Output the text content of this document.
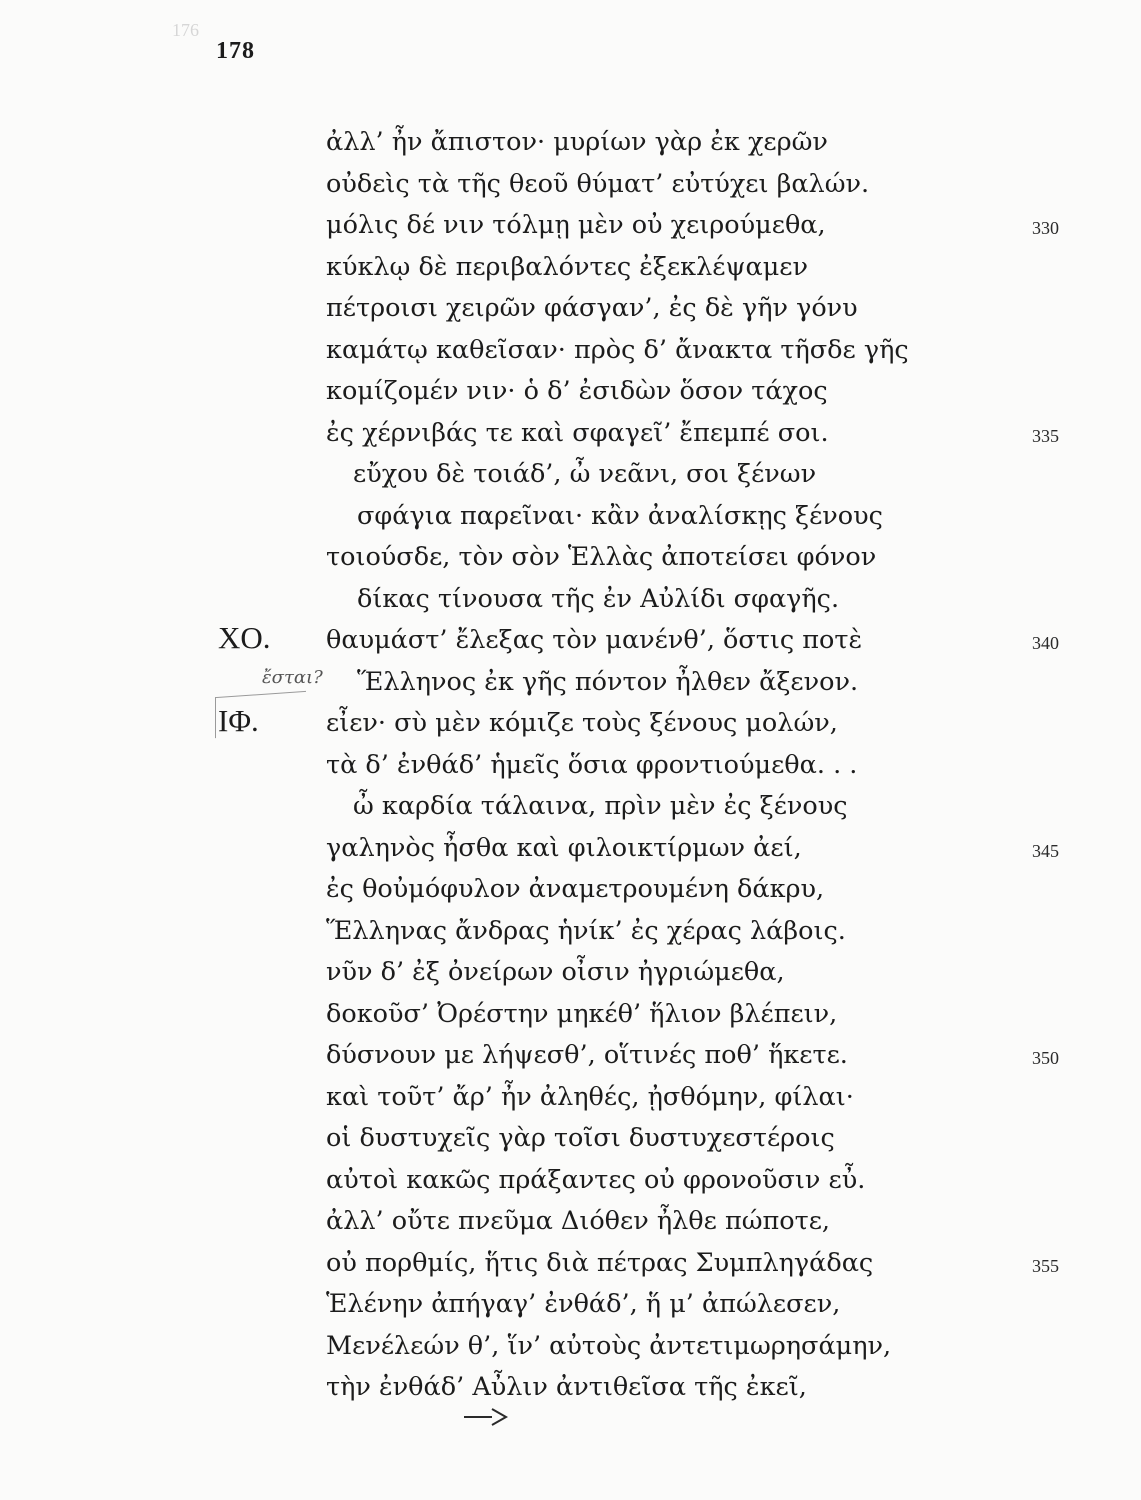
176
178
ἀλλ’ ἦν ἄπιστον· μυρίων γὰρ ἐκ χερῶν
οὐδεὶς τὰ τῆς θεοῦ θύματ’ εὐτύχει βαλών.
μόλις δέ νιν τόλμῃ μὲν οὐ χειρούμεθα,	330
κύκλῳ δὲ περιβαλόντες ἐξεκλέψαμεν
πέτροισι χειρῶν φάσγαν’, ἐς δὲ γῆν γόνυ
καμάτῳ καθεῖσαν· πρὸς δ’ ἄνακτα τῆσδε γῆς
κομίζομέν νιν· ὁ δ’ ἐσιδὼν ὅσον τάχος
ἐς χέρνιβάς τε καὶ σφαγεῖ’ ἔπεμπέ σοι.	335
εὔχου δὲ τοιάδ’, ὦ νεᾶνι, σοι ξένων
σφάγια παρεῖναι· κἂν ἀναλίσκῃς ξένους
τοιούσδε, τὸν σὸν Ἑλλὰς ἀποτείσει φόνον
δίκας τίνουσα τῆς ἐν Αὐλίδι σφαγῆς.
θαυμάστ’ ἔλεξας τὸν μανένθ’, ὅστις ποτὲ
ΧΟ.	340
Ἕλληνος ἐκ γῆς πόντον ἦλθεν ἄξενον.
εἶεν· σὺ μὲν κόμιζε τοὺς ξένους μολών,
ΙΦ.
τὰ δ’ ἐνθάδ’ ἡμεῖς ὅσια φροντιούμεθα. . .
ὦ καρδία τάλαινα, πρὶν μὲν ἐς ξένους
γαληνὸς ἦσθα καὶ φιλοικτίρμων ἀεί,	345
ἐς θοὐμόφυλον ἀναμετρουμένη δάκρυ,
Ἕλληνας ἄνδρας ἡνίκ’ ἐς χέρας λάβοις.
νῦν δ’ ἐξ ὀνείρων οἶσιν ἠγριώμεθα,
δοκοῦσ’ Ὀρέστην μηκέθ’ ἥλιον βλέπειν,
δύσνουν με λήψεσθ’, οἵτινές ποθ’ ἥκετε.	350
καὶ τοῦτ’ ἄρ’ ἦν ἀληθές, ᾐσθόμην, φίλαι·
οἱ δυστυχεῖς γὰρ τοῖσι δυστυχεστέροις
αὐτοὶ κακῶς πράξαντες οὐ φρονοῦσιν εὖ.
ἀλλ’ οὔτε πνεῦμα Διόθεν ἦλθε πώποτε,
οὐ πορθμίς, ἥτις διὰ πέτρας Συμπληγάδας	355
Ἑλένην ἀπήγαγ’ ἐνθάδ’, ἥ μ’ ἀπώλεσεν,
Μενέλεών θ’, ἵν’ αὐτοὺς ἀντετιμωρησάμην,
τὴν ἐνθάδ’ Αὖλιν ἀντιθεῖσα τῆς ἐκεῖ,
ἔσται?
